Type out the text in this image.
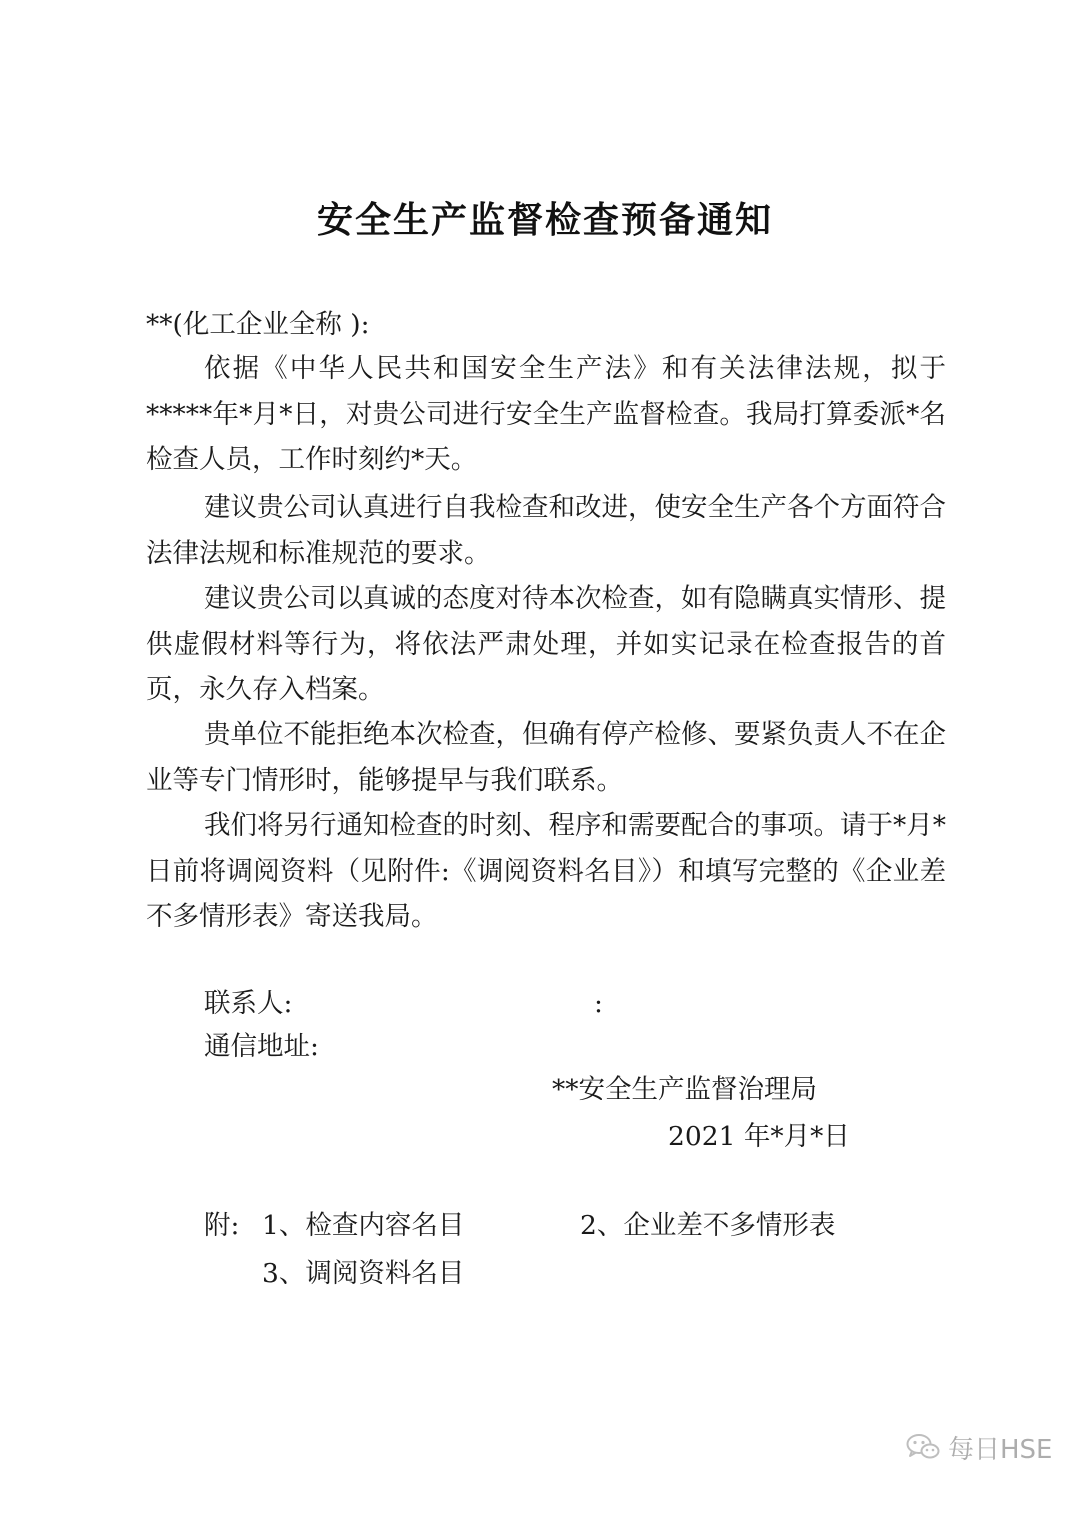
安全生产监督检查预备通知
**(化工企业全称 ):
依据《中华人民共和国安全生产法》和有关法律法规，拟于*****年*月*日，对贵公司进行安全生产监督检查。我局打算委派*名检查人员，工作时刻约*天。
建议贵公司认真进行自我检查和改进，使安全生产各个方面符合法律法规和标准规范的要求。
建议贵公司以真诚的态度对待本次检查，如有隐瞒真实情形、提供虚假材料等行为，将依法严肃处理，并如实记录在检查报告的首页，永久存入档案。
贵单位不能拒绝本次检查，但确有停产检修、要紧负责人不在企业等专门情形时，能够提早与我们联系。
我们将另行通知检查的时刻、程序和需要配合的事项。请于*月*日前将调阅资料（见附件:《调阅资料名目》）和填写完整的《企业差不多情形表》寄送我局。
联系人:	:
通信地址:
**安全生产监督治理局
2021 年*月*日
附: 1、检查内容名目	2、企业差不多情形表
3、调阅资料名目
每日HSE
